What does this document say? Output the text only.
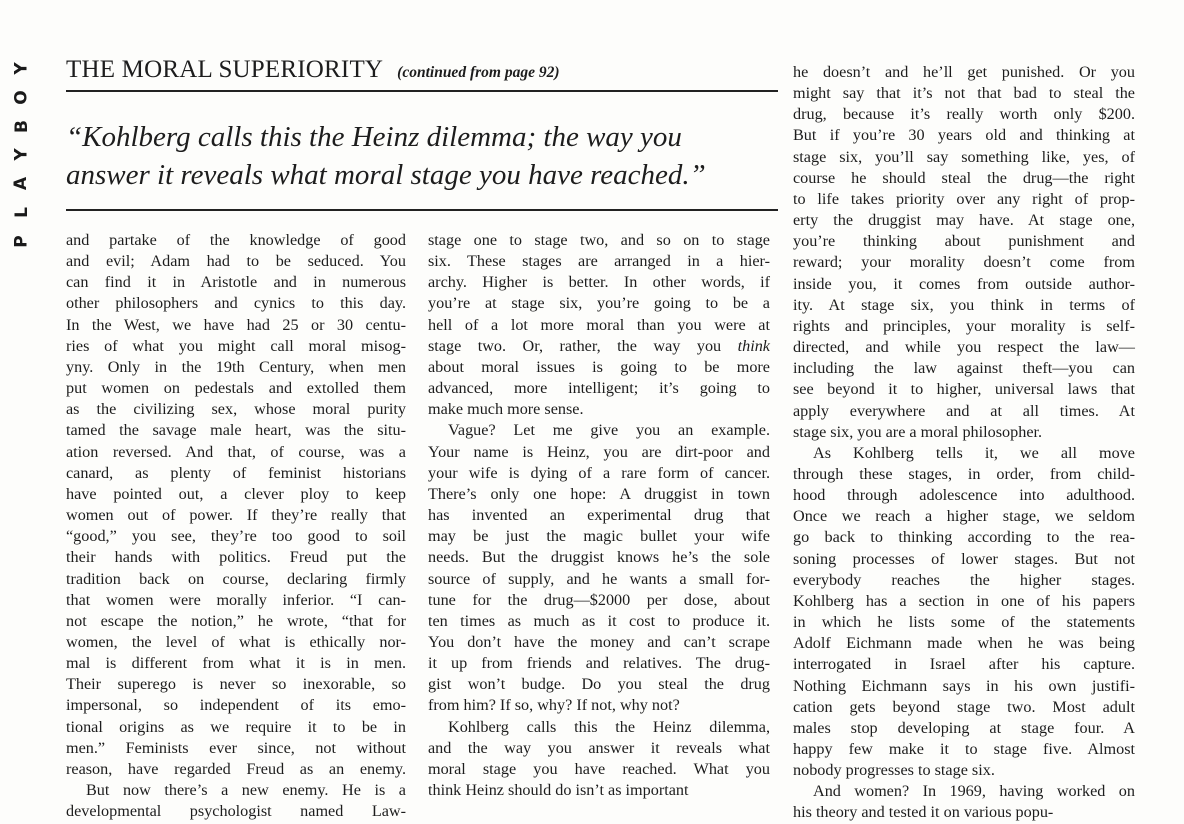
Y
O
B
Y
A
L
P
THE MORAL SUPERIORITY (continued from page 92)

“Kohlberg calls this the Heinz dilemma; the way you
answer it reveals what moral stage you have reached.”

and partake of the knowledge of good
and evil; Adam had to be seduced. You
can find it in Aristotle and in numerous
other philosophers and cynics to this day.
In the West, we have had 25 or 30 centu-
ries of what you might call moral misog-
yny. Only in the 19th Century, when men
put women on pedestals and extolled them
as the civilizing sex, whose moral purity
tamed the savage male heart, was the situ-
ation reversed. And that, of course, was a
canard, as plenty of feminist historians
have pointed out, a clever ploy to keep
women out of power. If they’re really that
“good,” you see, they’re too good to soil
their hands with politics. Freud put the
tradition back on course, declaring firmly
that women were morally inferior. “I can-
not escape the notion,” he wrote, “that for
women, the level of what is ethically nor-
mal is different from what it is in men.
Their superego is never so inexorable, so
impersonal, so independent of its emo-
tional origins as we require it to be in
men.” Feminists ever since, not without
reason, have regarded Freud as an enemy.
But now there’s a new enemy. He is a
developmental psychologist named Law-

stage one to stage two, and so on to stage
six. These stages are arranged in a hier-
archy. Higher is better. In other words, if
you’re at stage six, you’re going to be a
hell of a lot more moral than you were at
stage two. Or, rather, the way you think
about moral issues is going to be more
advanced, more intelligent; it’s going to
make much more sense.

Vague? Let me give you an example.
Your name is Heinz, you are dirt-poor and
your wife is dying of a rare form of cancer.
There’s only one hope: A druggist in town
has invented an experimental drug that
may be just the magic bullet your wife
needs. But the druggist knows he’s the sole
source of supply, and he wants a small for-
tune for the drug—$2000 per dose, about
ten times as much as it cost to produce it.
You don’t have the money and can’t scrape
it up from friends and relatives. The drug-
gist won’t budge. Do you steal the drug
from him? If so, why? If not, why not?

Kohlberg calls this the Heinz dilemma,
and the way you answer it reveals what
moral stage you have reached. What you
think Heinz should do isn’t as important

he doesn’t and he’ll get punished. Or you
might say that it’s not that bad to steal the
drug, because it’s really worth only $200.
But if you’re 30 years old and thinking at
stage six, you’ll say something like, yes, of
course he should steal the drug—the right
to life takes priority over any right of prop-
erty the druggist may have. At stage one,
you’re thinking about punishment and
reward; your morality doesn’t come from
inside you, it comes from outside author-
ity. At stage six, you think in terms of
rights and principles, your morality is self-
directed, and while you respect the law—
including the law against theft—you can
see beyond it to higher, universal laws that
apply everywhere and at all times. At
stage six, you are a moral philosopher.

As Kohlberg tells it, we all move
through these stages, in order, from child-
hood through adolescence into adulthood.
Once we reach a higher stage, we seldom
go back to thinking according to the rea-
soning processes of lower stages. But not
everybody reaches the higher stages.
Kohlberg has a section in one of his papers
in which he lists some of the statements
Adolf Eichmann made when he was being
interrogated in Israel after his capture.
Nothing Eichmann says in his own justifi-
cation gets beyond stage two. Most adult
males stop developing at stage four. A
happy few make it to stage five. Almost
nobody progresses to stage six.

And women? In 1969, having worked on
his theory and tested it on various popu-
